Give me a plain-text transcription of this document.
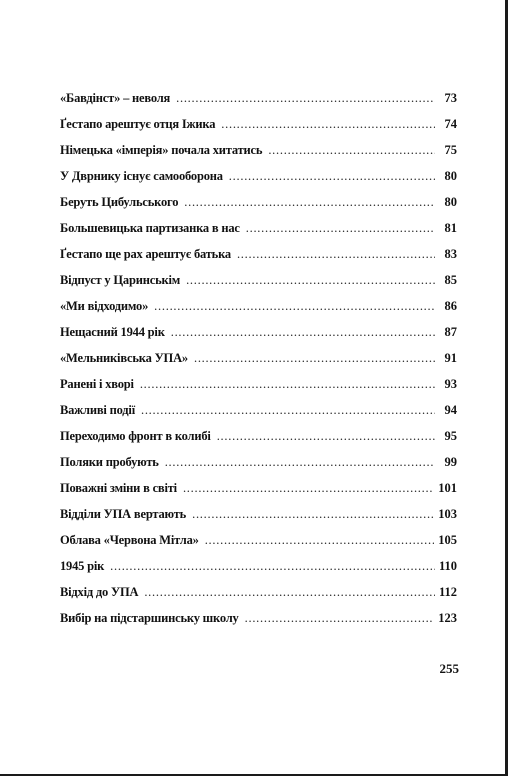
«Бавдінст» – неволя . . .	73
Ґестапо арештує отця Іжика . . .	74
Німецька «імперія» почала хитатись . . .	75
У Дврнику існує самооборона . . .	80
Беруть Цибульського . . .	80
Большевицька партизанка в нас . . .	81
Ґестапо ще рах арештує батька . . .	83
Відпуст у Царинськім . . .	85
«Ми відходимо» . . .	86
Нещасний 1944 рік . . .	87
«Мельниківська УПА» . . .	91
Ранені і хворі . . .	93
Важливі події . . .	94
Переходимо фронт в колибі . . .	95
Поляки пробують . . .	99
Поважні зміни в світі . . .	101
Відділи УПА вертають . . .	103
Облава «Червона Мітла» . . .	105
1945 рік . . .	110
Відхід до УПА . . .	112
Вибір на підстаршинську школу . . .	123
255
